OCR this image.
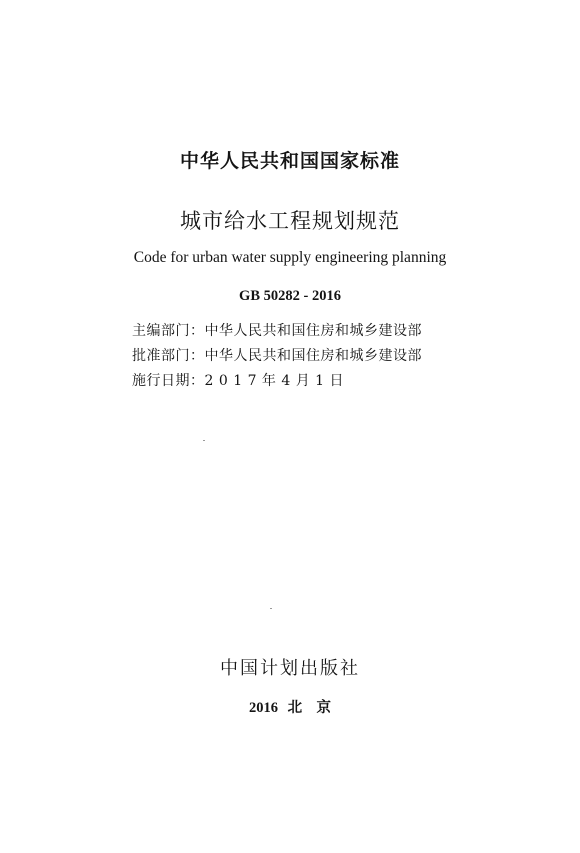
中华人民共和国国家标准
城市给水工程规划规范
Code for urban water supply engineering planning
GB 50282 - 2016
主编部门：中华人民共和国住房和城乡建设部
批准部门：中华人民共和国住房和城乡建设部
施行日期：2 0 1 7 年 4 月 1 日
中国计划出版社
2016 北　京
